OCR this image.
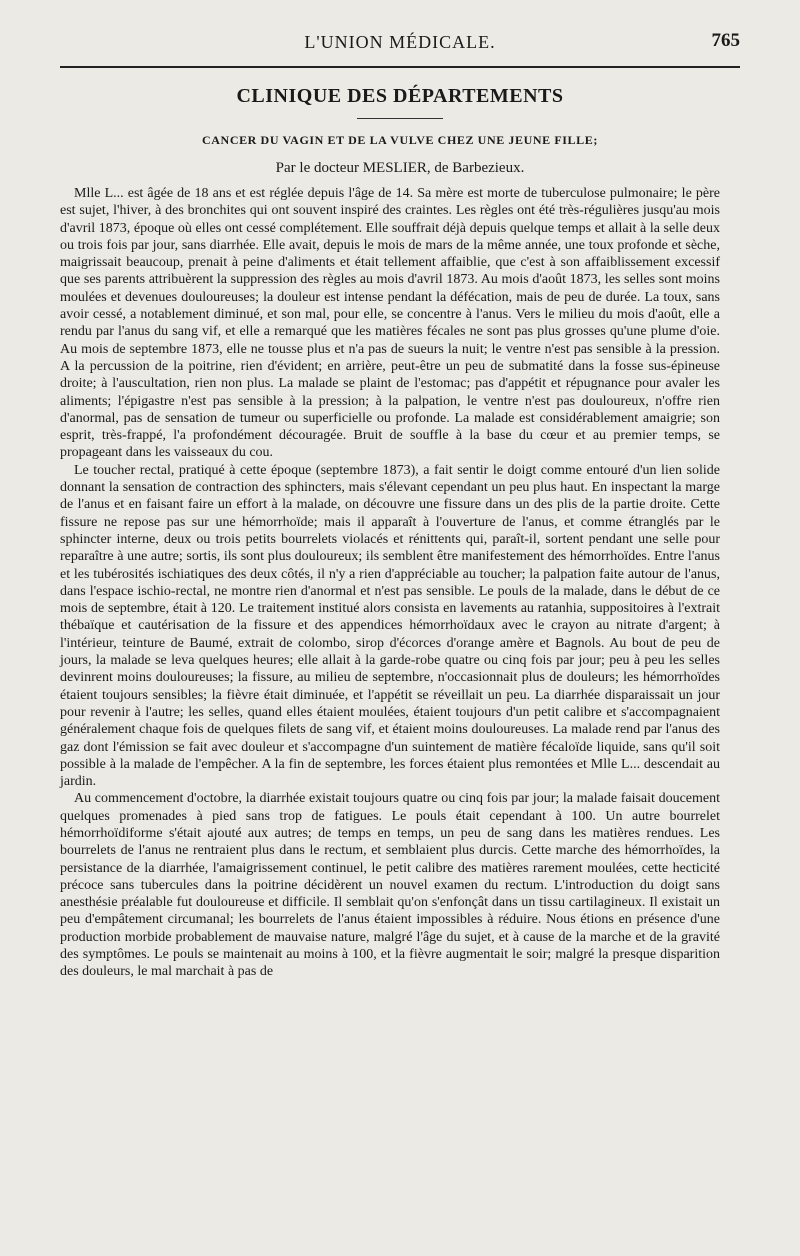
L'UNION MÉDICALE.	765
CLINIQUE DES DÉPARTEMENTS
CANCER DU VAGIN ET DE LA VULVE CHEZ UNE JEUNE FILLE;
Par le docteur MESLIER, de Barbezieux.

Mlle L... est âgée de 18 ans et est réglée depuis l'âge de 14. Sa mère est morte de tuberculose pulmonaire; le père est sujet, l'hiver, à des bronchites qui ont souvent inspiré des craintes. Les règles ont été très-régulières jusqu'au mois d'avril 1873, époque où elles ont cessé complétement. Elle souffrait déjà depuis quelque temps et allait à la selle deux ou trois fois par jour, sans diarrhée. Elle avait, depuis le mois de mars de la même année, une toux profonde et sèche, maigrissait beaucoup, prenait à peine d'aliments et était tellement affaiblie, que c'est à son affaiblissement excessif que ses parents attribuèrent la suppression des règles au mois d'avril 1873. Au mois d'août 1873, les selles sont moins moulées et devenues douloureuses; la douleur est intense pendant la défécation, mais de peu de durée. La toux, sans avoir cessé, a notablement diminué, et son mal, pour elle, se concentre à l'anus. Vers le milieu du mois d'août, elle a rendu par l'anus du sang vif, et elle a remarqué que les matières fécales ne sont pas plus grosses qu'une plume d'oie. Au mois de septembre 1873, elle ne tousse plus et n'a pas de sueurs la nuit; le ventre n'est pas sensible à la pression. A la percussion de la poitrine, rien d'évident; en arrière, peut-être un peu de submatité dans la fosse sus-épineuse droite; à l'auscultation, rien non plus. La malade se plaint de l'estomac; pas d'appétit et répugnance pour avaler les aliments; l'épigastre n'est pas sensible à la pression; à la palpation, le ventre n'est pas douloureux, n'offre rien d'anormal, pas de sensation de tumeur ou superficielle ou profonde. La malade est considérablement amaigrie; son esprit, très-frappé, l'a profondément découragée. Bruit de souffle à la base du cœur et au premier temps, se propageant dans les vaisseaux du cou.

Le toucher rectal, pratiqué à cette époque (septembre 1873), a fait sentir le doigt comme entouré d'un lien solide donnant la sensation de contraction des sphincters, mais s'élevant cependant un peu plus haut. En inspectant la marge de l'anus et en faisant faire un effort à la malade, on découvre une fissure dans un des plis de la partie droite. Cette fissure ne repose pas sur une hémorrhoïde; mais il apparaît à l'ouverture de l'anus, et comme étranglés par le sphincter interne, deux ou trois petits bourrelets violacés et rénittents qui, paraît-il, sortent pendant une selle pour reparaître à une autre; sortis, ils sont plus douloureux; ils semblent être manifestement des hémorrhoïdes. Entre l'anus et les tubérosités ischiatiques des deux côtés, il n'y a rien d'appréciable au toucher; la palpation faite autour de l'anus, dans l'espace ischio-rectal, ne montre rien d'anormal et n'est pas sensible. Le pouls de la malade, dans le début de ce mois de septembre, était à 120. Le traitement institué alors consista en lavements au ratanhia, suppositoires à l'extrait thébaïque et cautérisation de la fissure et des appendices hémorrhoïdaux avec le crayon au nitrate d'argent; à l'intérieur, teinture de Baumé, extrait de colombo, sirop d'écorces d'orange amère et Bagnols. Au bout de peu de jours, la malade se leva quelques heures; elle allait à la garde-robe quatre ou cinq fois par jour; peu à peu les selles devinrent moins douloureuses; la fissure, au milieu de septembre, n'occasionnait plus de douleurs; les hémorrhoïdes étaient toujours sensibles; la fièvre était diminuée, et l'appétit se réveillait un peu. La diarrhée disparaissait un jour pour revenir à l'autre; les selles, quand elles étaient moulées, étaient toujours d'un petit calibre et s'accompagnaient généralement chaque fois de quelques filets de sang vif, et étaient moins douloureuses. La malade rend par l'anus des gaz dont l'émission se fait avec douleur et s'accompagne d'un suintement de matière fécaloïde liquide, sans qu'il soit possible à la malade de l'empêcher. A la fin de septembre, les forces étaient plus remontées et Mlle L... descendait au jardin.

Au commencement d'octobre, la diarrhée existait toujours quatre ou cinq fois par jour; la malade faisait doucement quelques promenades à pied sans trop de fatigues. Le pouls était cependant à 100. Un autre bourrelet hémorrhoïdiforme s'était ajouté aux autres; de temps en temps, un peu de sang dans les matières rendues. Les bourrelets de l'anus ne rentraient plus dans le rectum, et semblaient plus durcis. Cette marche des hémorrhoïdes, la persistance de la diarrhée, l'amaigrissement continuel, le petit calibre des matières rarement moulées, cette hecticité précoce sans tubercules dans la poitrine décidèrent un nouvel examen du rectum. L'introduction du doigt sans anesthésie préalable fut douloureuse et difficile. Il semblait qu'on s'enfonçât dans un tissu cartilagineux. Il existait un peu d'empâtement circumanal; les bourrelets de l'anus étaient impossibles à réduire. Nous étions en présence d'une production morbide probablement de mauvaise nature, malgré l'âge du sujet, et à cause de la marche et de la gravité des symptômes. Le pouls se maintenait au moins à 100, et la fièvre augmentait le soir; malgré la presque disparition des douleurs, le mal marchait à pas de
